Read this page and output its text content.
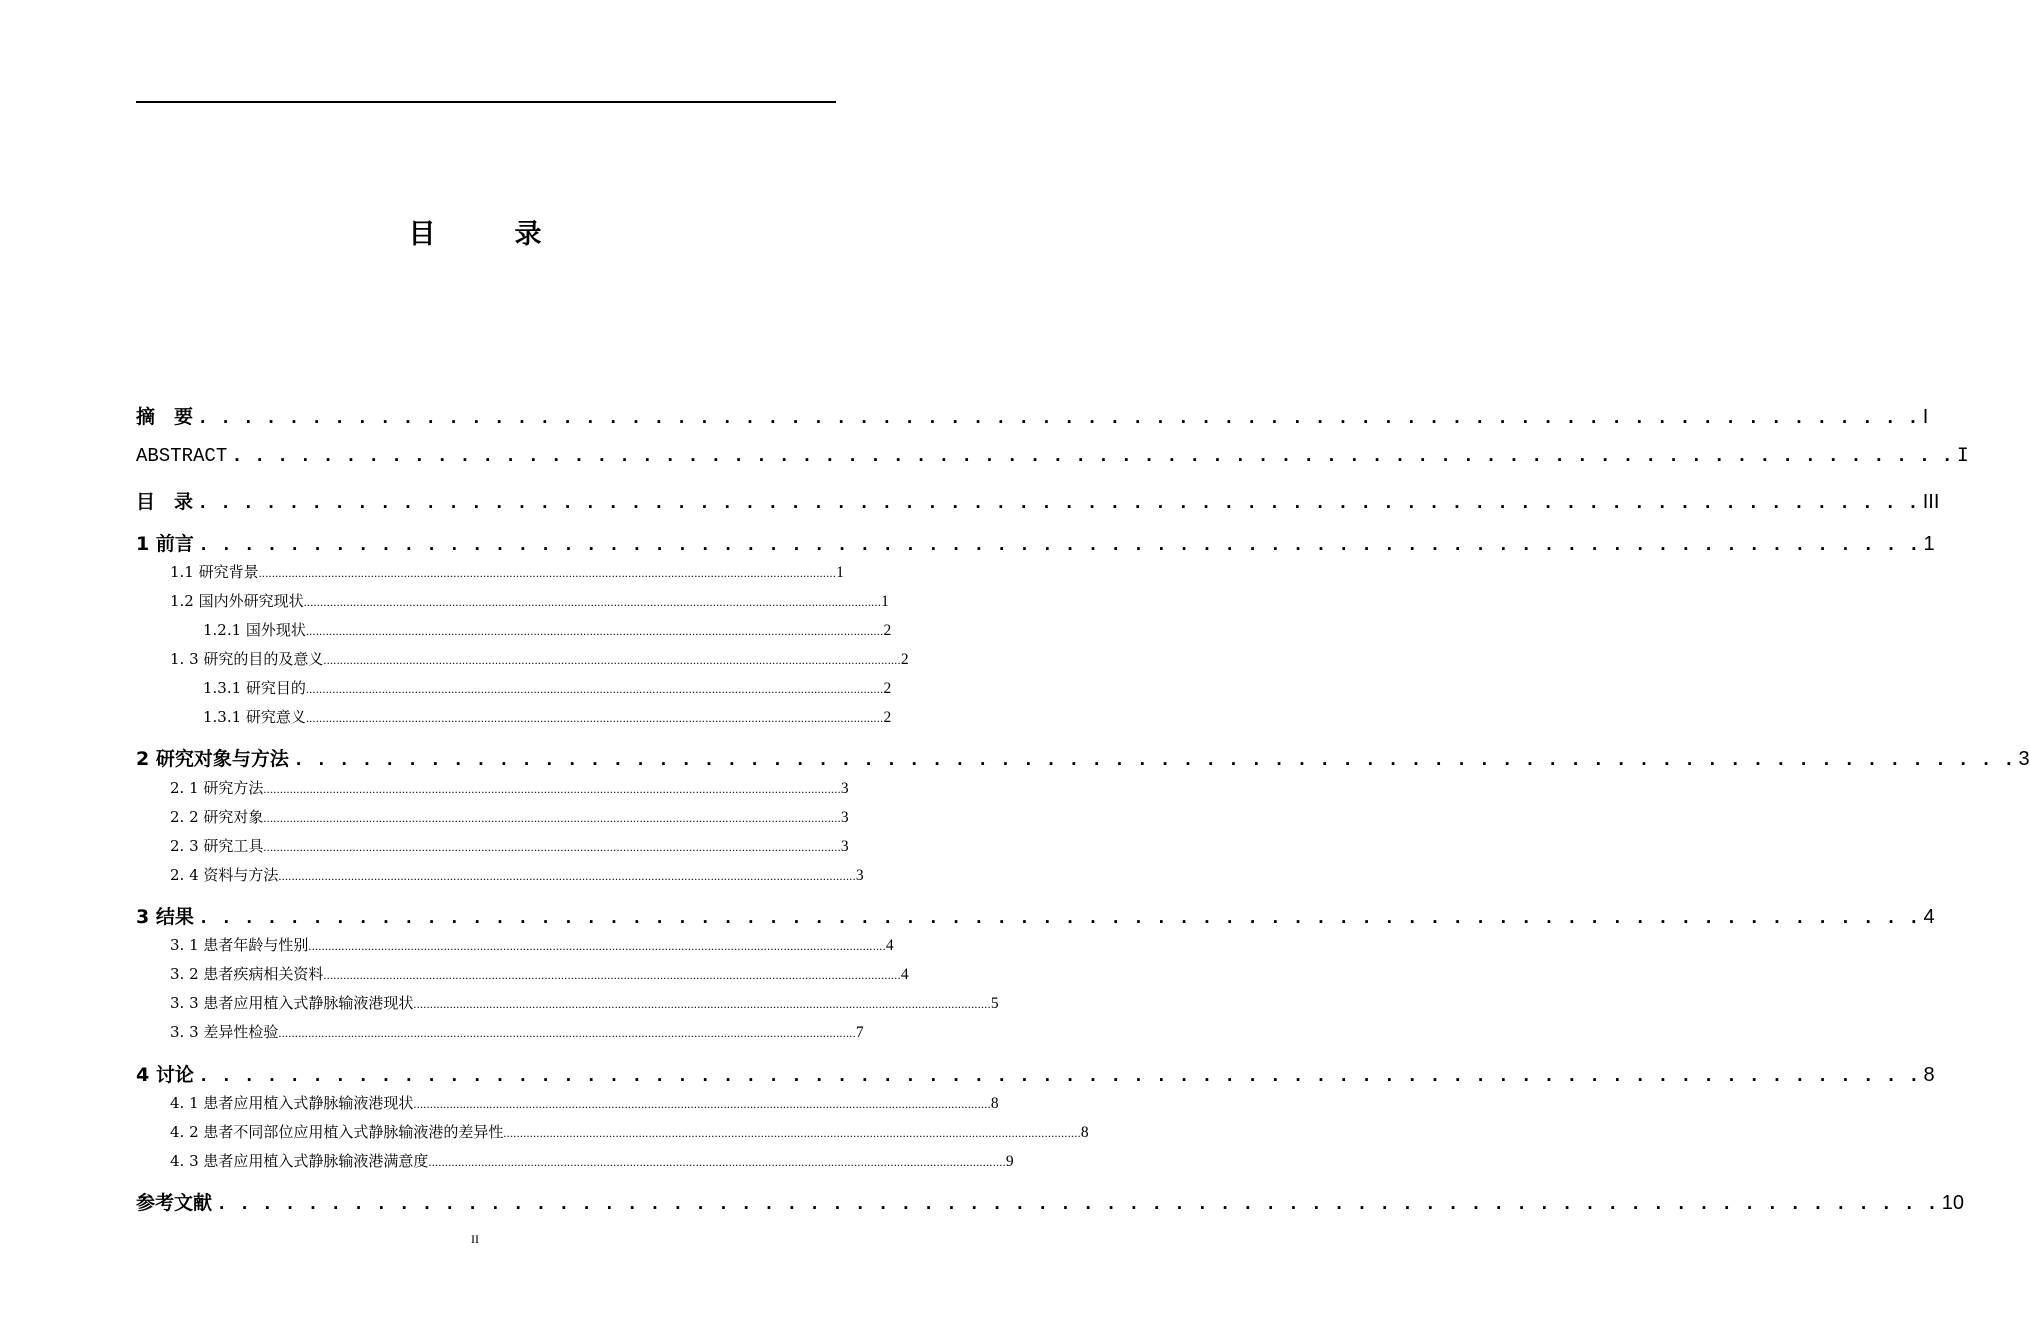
目　录
摘　要 . . . . . . . . . . . . . . . . . . . . . . . . . . . . . . . . . . . . . . . . . . . . . . . . . . . . . . . . . . . . . . . . . . . . . . . . . . . . I
ABSTRACT . . . . . . . . . . . . . . . . . . . . . . . . . . . . . . . . . . . . . . . . . . . . . . . . . . . . . . . . . . . . . . . . . . . . . . . . . . . . I
目　录 . . . . . . . . . . . . . . . . . . . . . . . . . . . . . . . . . . . . . . . . . . . . . . . . . . . . . . . . . . . . . . . . . . . . . . . . . . . . III
1 前言 . . . . . . . . . . . . . . . . . . . . . . . . . . . . . . . . . . . . . . . . . . . . . . . . . . . . . . . . . . . . . . . . . . . . . . . . . . . . 1
1.1 研究背景 ............................................................................................................................................................................... 1
1.2 国内外研究现状 ............................................................................................................................................................................... 1
1.2.1 国外现状 ............................................................................................................................................................................... 2
1. 3 研究的目的及意义 ............................................................................................................................................................................... 2
1.3.1 研究目的 ............................................................................................................................................................................... 2
1.3.1 研究意义 ............................................................................................................................................................................... 2
2 研究对象与方法 . . . . . . . . . . . . . . . . . . . . . . . . . . . . . . . . . . . . . . . . . . . . . . . . . . . . . . . . . . . . . . . . . . . . . . . . . . . . 3
2. 1 研究方法 ............................................................................................................................................................................... 3
2. 2 研究对象 ............................................................................................................................................................................... 3
2. 3 研究工具 ............................................................................................................................................................................... 3
2. 4 资料与方法 ............................................................................................................................................................................... 3
3 结果 . . . . . . . . . . . . . . . . . . . . . . . . . . . . . . . . . . . . . . . . . . . . . . . . . . . . . . . . . . . . . . . . . . . . . . . . . . . . 4
3. 1 患者年龄与性别 ............................................................................................................................................................................... 4
3. 2 患者疾病相关资料 ............................................................................................................................................................................... 4
3. 3 患者应用植入式静脉输液港现状 ............................................................................................................................................................................... 5
3. 3 差异性检验 ............................................................................................................................................................................... 7
4 讨论 . . . . . . . . . . . . . . . . . . . . . . . . . . . . . . . . . . . . . . . . . . . . . . . . . . . . . . . . . . . . . . . . . . . . . . . . . . . . 8
4. 1 患者应用植入式静脉输液港现状 ............................................................................................................................................................................... 8
4. 2 患者不同部位应用植入式静脉输液港的差异性 ............................................................................................................................................................................... 8
4. 3 患者应用植入式静脉输液港满意度 ............................................................................................................................................................................... 9
参考文献 . . . . . . . . . . . . . . . . . . . . . . . . . . . . . . . . . . . . . . . . . . . . . . . . . . . . . . . . . . . . . . . . . . . . . . . . . . . . 10
II
